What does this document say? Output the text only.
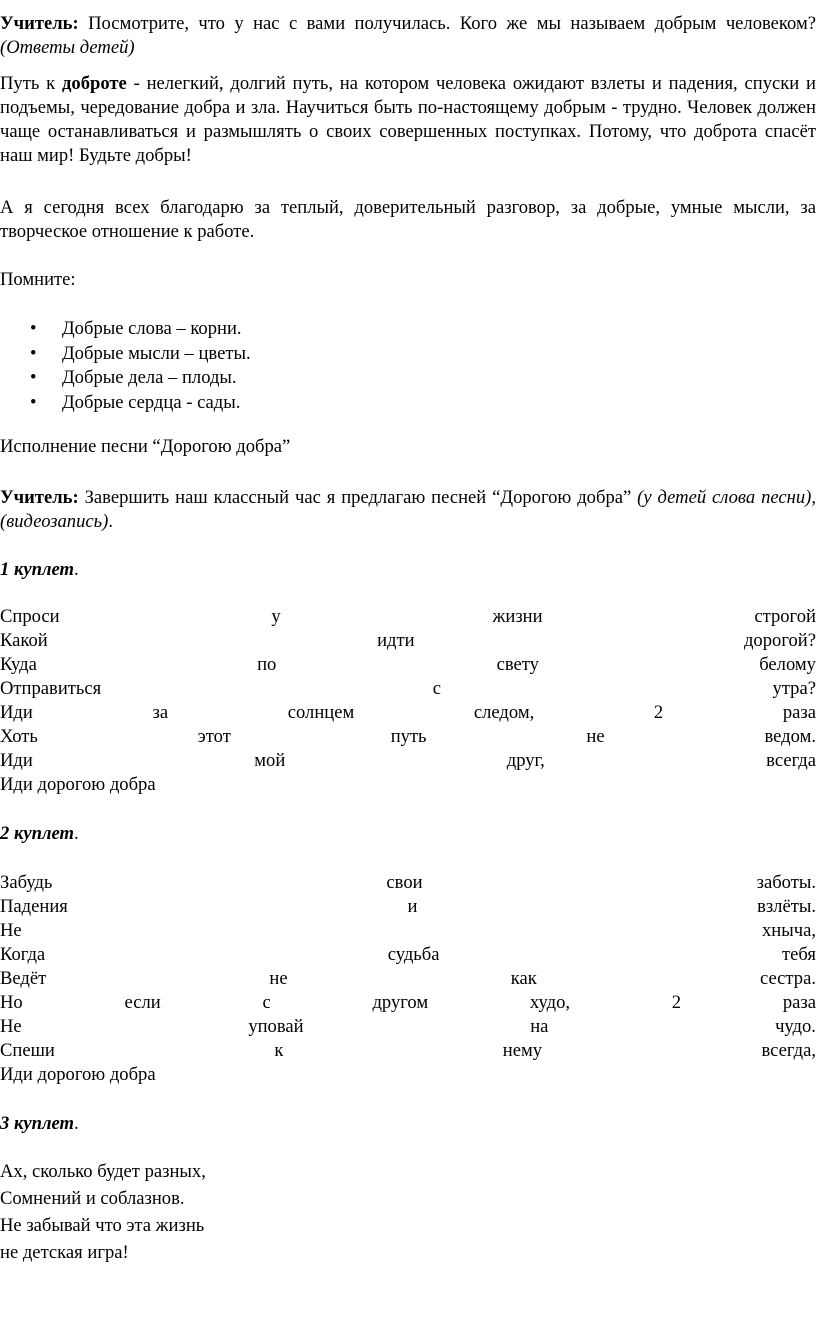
Учитель: Посмотрите, что у нас с вами получилась. Кого же мы называем добрым человеком? (Ответы детей)
Путь к доброте - нелегкий, долгий путь, на котором человека ожидают взлеты и падения, спуски и подъемы, чередование добра и зла. Научиться быть по-настоящему добрым - трудно. Человек должен чаще останавливаться и размышлять о своих совершенных поступках. Потому, что доброта спасёт наш мир! Будьте добры!
А я сегодня всех благодарю за теплый, доверительный разговор, за добрые, умные мысли, за творческое отношение к работе.
Помните:
• Добрые слова – корни.
• Добрые мысли – цветы.
• Добрые дела – плоды.
• Добрые сердца - сады.
Исполнение песни “Дорогою добра”
Учитель: Завершить наш классный час я предлагаю песней “Дорогою добра” (у детей слова песни), (видеозапись).
1 куплет.
Спроси	у	жизни	строгой
Какой	идти	дорогой?
Куда	по	свету	белому
Отправиться	с	утра?
Иди	за	солнцем	следом,	2	раза
Хоть	этот	путь	не	ведом.
Иди	мой	друг,	всегда
Иди дорогою добра
2 куплет.
Забудь	свои	заботы.
Падения	и	взлёты.
Не	хныча,
Когда	судьба	тебя
Ведёт	не	как	сестра.
Но	если	с	другом	худо,	2	раза
Не	уповай	на	чудо.
Спеши	к	нему	всегда,
Иди дорогою добра
3 куплет.
Ах, сколько будет разных,
Сомнений и соблазнов.
Не забывай что эта жизнь
не детская игра!
